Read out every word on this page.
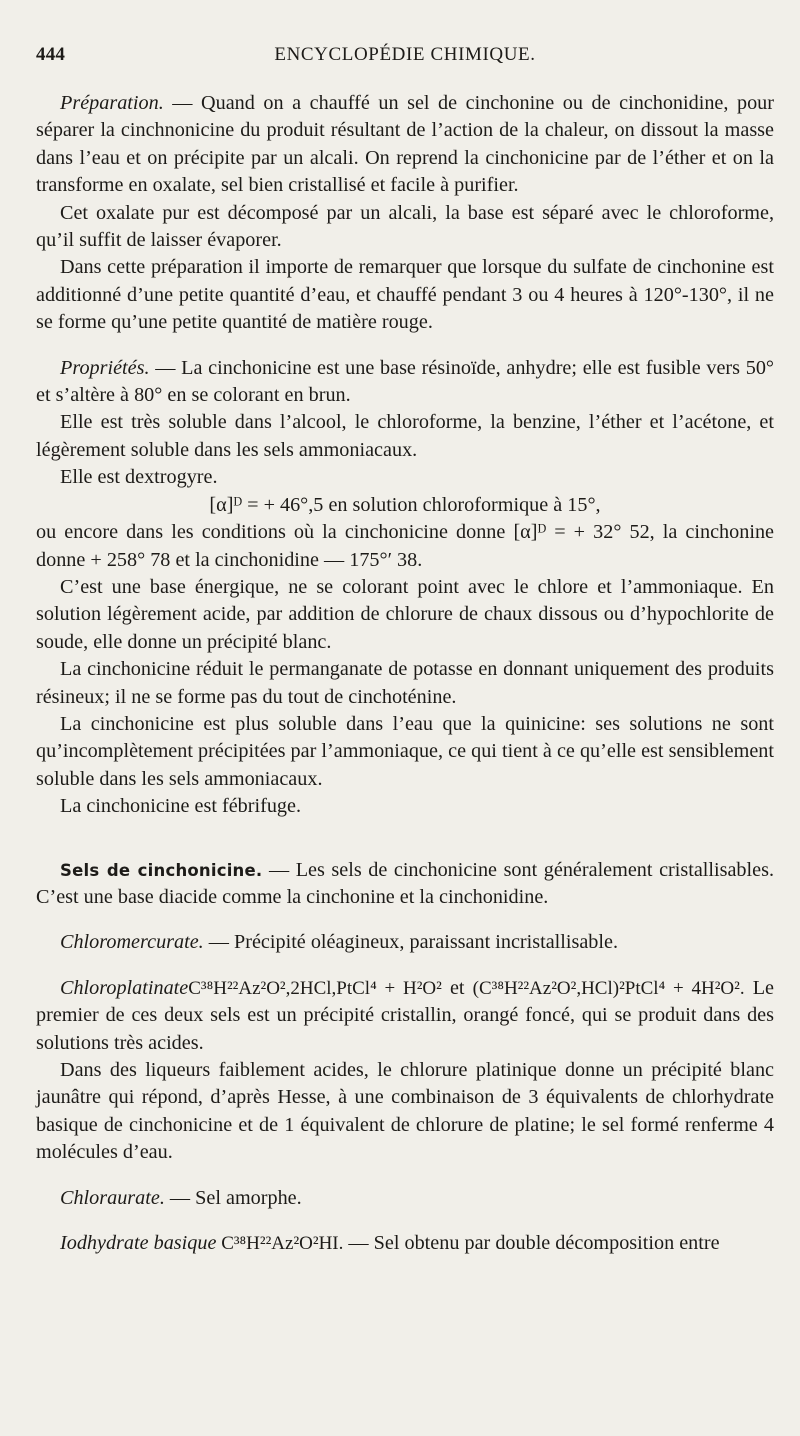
444	ENCYCLOPÉDIE CHIMIQUE.

Préparation. — Quand on a chauffé un sel de cinchonine ou de cinchonidine, pour séparer la cinchnonicine du produit résultant de l’action de la chaleur, on dissout la masse dans l’eau et on précipite par un alcali. On reprend la cinchonicine par de l’éther et on la transforme en oxalate, sel bien cristallisé et facile à purifier.

Cet oxalate pur est décomposé par un alcali, la base est séparé avec le chloroforme, qu’il suffit de laisser évaporer.

Dans cette préparation il importe de remarquer que lorsque du sulfate de cinchonine est additionné d’une petite quantité d’eau, et chauffé pendant 3 ou 4 heures à 120°-130°, il ne se forme qu’une petite quantité de matière rouge.

Propriétés. — La cinchonicine est une base résinoïde, anhydre; elle est fusible vers 50° et s’altère à 80° en se colorant en brun.

Elle est très soluble dans l’alcool, le chloroforme, la benzine, l’éther et l’acétone, et légèrement soluble dans les sels ammoniacaux.

Elle est dextrogyre.

[α]ᴰ = + 46°,5 en solution chloroformique à 15°,

ou encore dans les conditions où la cinchonicine donne [α]ᴰ = + 32° 52, la cinchonine donne + 258° 78 et la cinchonidine — 175°′ 38.

C’est une base énergique, ne se colorant point avec le chlore et l’ammoniaque. En solution légèrement acide, par addition de chlorure de chaux dissous ou d’hypochlorite de soude, elle donne un précipité blanc.

La cinchonicine réduit le permanganate de potasse en donnant uniquement des produits résineux; il ne se forme pas du tout de cinchoténine.

La cinchonicine est plus soluble dans l’eau que la quinicine: ses solutions ne sont qu’incomplètement précipitées par l’ammoniaque, ce qui tient à ce qu’elle est sensiblement soluble dans les sels ammoniacaux.

La cinchonicine est fébrifuge.

Sels de cinchonicine. — Les sels de cinchonicine sont généralement cristallisables. C’est une base diacide comme la cinchonine et la cinchonidine.

Chloromercurate. — Précipité oléagineux, paraissant incristallisable.

ChloroplatinateC³⁸H²²Az²O²,2HCl,PtCl⁴ + H²O² et (C³⁸H²²Az²O²,HCl)²PtCl⁴ + 4H²O². Le premier de ces deux sels est un précipité cristallin, orangé foncé, qui se produit dans des solutions très acides.

Dans des liqueurs faiblement acides, le chlorure platinique donne un précipité blanc jaunâtre qui répond, d’après Hesse, à une combinaison de 3 équivalents de chlorhydrate basique de cinchonicine et de 1 équivalent de chlorure de platine; le sel formé renferme 4 molécules d’eau.

Chloraurate. — Sel amorphe.

Iodhydrate basique C³⁸H²²Az²O²HI. — Sel obtenu par double décomposition entre
